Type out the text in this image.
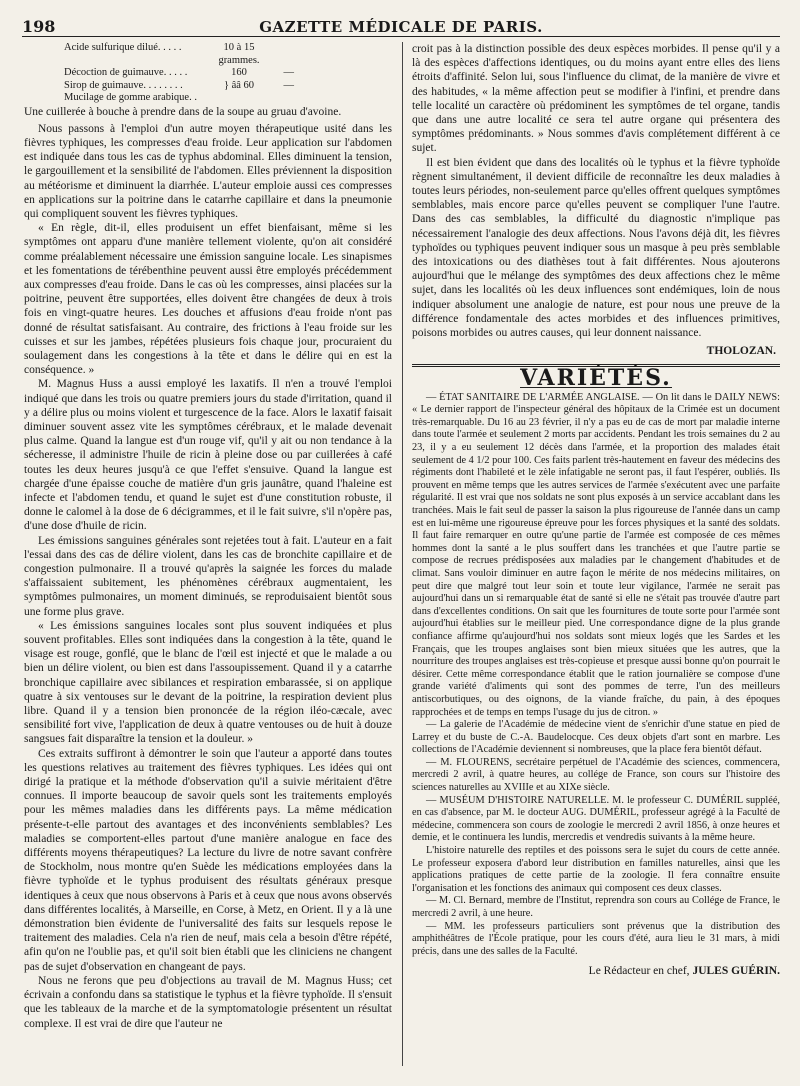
198	GAZETTE MÉDICALE DE PARIS.
Acide sulfurique dilué. . . . .	10 à 15 grammes.
Décoction de guimauve. . . . .	160	—
Sirop de guimauve. . . . . . . .	} ââ 60	—
Mucilage de gomme arabique. .

Une cuillerée à bouche à prendre dans de la soupe au gruau d'avoine.

Nous passons à l'emploi d'un autre moyen thérapeutique usité dans les fièvres typhiques, les compresses d'eau froide. Leur application sur l'abdomen est indiquée dans tous les cas de typhus abdominal. Elles diminuent la tension, le gargouillement et la sensibilité de l'abdomen. Elles préviennent la disposition au météorisme et diminuent la diarrhée. L'auteur emploie aussi ces compresses en applications sur la poitrine dans le catarrhe capillaire et dans la pneumonie qui compliquent souvent les fièvres typhiques.

« En règle, dit-il, elles produisent un effet bienfaisant, même si les symptômes ont apparu d'une manière tellement violente, qu'on ait considéré comme préalablement nécessaire une émission sanguine locale. Les sinapismes et les fomentations de térébenthine peuvent aussi être employés précédemment aux compresses d'eau froide. Dans le cas où les compresses, ainsi placées sur la poitrine, peuvent être supportées, elles doivent être changées de deux à trois fois en vingt-quatre heures. Les douches et affusions d'eau froide n'ont pas donné de résultat satisfaisant. Au contraire, des frictions à l'eau froide sur les cuisses et sur les jambes, répétées plusieurs fois chaque jour, procuraient du soulagement dans les congestions à la tête et dans le délire qui en est la conséquence. »

M. Magnus Huss a aussi employé les laxatifs. Il n'en a trouvé l'emploi indiqué que dans les trois ou quatre premiers jours du stade d'irritation, quand il y a délire plus ou moins violent et turgescence de la face. Alors le laxatif faisait diminuer souvent assez vite les symptômes cérébraux, et le malade devenait plus calme. Quand la langue est d'un rouge vif, qu'il y ait ou non tendance à la sécheresse, il administre l'huile de ricin à pleine dose ou par cuillerées à café toutes les deux heures jusqu'à ce que l'effet s'ensuive. Quand la langue est chargée d'une épaisse couche de matière d'un gris jaunâtre, quand l'haleine est infecte et l'abdomen tendu, et quand le sujet est d'une constitution robuste, il donne le calomel à la dose de 6 décigrammes, et il le fait suivre, s'il n'opère pas, d'une dose d'huile de ricin.

Les émissions sanguines générales sont rejetées tout à fait. L'auteur en a fait l'essai dans des cas de délire violent, dans les cas de bronchite capillaire et de congestion pulmonaire. Il a trouvé qu'après la saignée les forces du malade s'affaissaient subitement, les phénomènes cérébraux augmentaient, les symptômes pulmonaires, un moment diminués, se reproduisaient bientôt sous une forme plus grave.

« Les émissions sanguines locales sont plus souvent indiquées et plus souvent profitables. Elles sont indiquées dans la congestion à la tête, quand le visage est rouge, gonflé, que le blanc de l'œil est injecté et que le malade a ou bien un délire violent, ou bien est dans l'assoupissement. Quand il y a catarrhe bronchique capillaire avec sibilances et respiration embarassée, si on applique quatre à six ventouses sur le devant de la poitrine, la respiration devient plus libre. Quand il y a tension bien prononcée de la région iléo-cæcale, avec sensibilité fort vive, l'application de deux à quatre ventouses ou de huit à douze sangsues fait disparaître la tension et la douleur. »

Ces extraits suffiront à démontrer le soin que l'auteur a apporté dans toutes les questions relatives au traitement des fièvres typhiques. Les idées qui ont dirigé la pratique et la méthode d'observation qu'il a suivie méritaient d'être connues. Il importe beaucoup de savoir quels sont les traitements employés pour les mêmes maladies dans les différents pays. La même médication présente-t-elle partout des avantages et des inconvénients semblables? Les maladies se comportent-elles partout d'une manière analogue en face des différents moyens thérapeutiques? La lecture du livre de notre savant confrère de Stockholm, nous montre qu'en Suède les médications employées dans la fièvre typhoïde et le typhus produisent des résultats généraux presque identiques à ceux que nous observons à Paris et à ceux que nous avons observés dans différentes localités, à Marseille, en Corse, à Metz, en Orient. Il y a là une démonstration bien évidente de l'universalité des faits sur lesquels repose le traitement des maladies. Cela n'a rien de neuf, mais cela a besoin d'être répété, afin qu'on ne l'oublie pas, et qu'il soit bien établi que les cliniciens ne changent pas de sujet d'observation en changeant de pays.

Nous ne ferons que peu d'objections au travail de M. Magnus Huss; cet écrivain a confondu dans sa statistique le typhus et la fièvre typhoïde. Il s'ensuit que les tableaux de la marche et de la symptomatologie présentent un résultat complexe. Il est vrai de dire que l'auteur ne

croit pas à la distinction possible des deux espèces morbides. Il pense qu'il y a là des espèces d'affections identiques, ou du moins ayant entre elles des liens étroits d'affinité. Selon lui, sous l'influence du climat, de la manière de vivre et des habitudes, « la même affection peut se modifier à l'infini, et prendre dans telle localité un caractère où prédominent les symptômes de tel organe, tandis que dans une autre localité ce sera tel autre organe qui présentera des symptômes prédominants. » Nous sommes d'avis complétement différent à ce sujet.

Il est bien évident que dans des localités où le typhus et la fièvre typhoïde règnent simultanément, il devient difficile de reconnaître les deux maladies à toutes leurs périodes, non-seulement parce qu'elles offrent quelques symptômes semblables, mais encore parce qu'elles peuvent se compliquer l'une l'autre. Dans des cas semblables, la difficulté du diagnostic n'implique pas nécessairement l'analogie des deux affections. Nous l'avons déjà dit, les fièvres typhoïdes ou typhiques peuvent indiquer sous un masque à peu près semblable des intoxications ou des diathèses tout à fait différentes. Nous ajouterons aujourd'hui que le mélange des symptômes des deux affections chez le même sujet, dans les localités où les deux influences sont endémiques, loin de nous indiquer absolument une analogie de nature, est pour nous une preuve de la différence fondamentale des actes morbides et des influences primitives, poisons morbides ou autres causes, qui leur donnent naissance.

THOLOZAN.

VARIÉTÉS.

— ÉTAT SANITAIRE DE L'ARMÉE ANGLAISE. — On lit dans le DAILY NEWS: « Le dernier rapport de l'inspecteur général des hôpitaux de la Crimée est un document très-remarquable. Du 16 au 23 février, il n'y a pas eu de cas de mort par maladie interne dans toute l'armée et seulement 2 morts par accidents. Pendant les trois semaines du 2 au 23, il y a eu seulement 12 décès dans l'armée, et la proportion des malades était seulement de 4 1/2 pour 100. Ces faits parlent très-hautement en faveur des médecins des régiments dont l'habileté et le zèle infatigable ne seront pas, il faut l'espérer, oubliés. Ils prouvent en même temps que les autres services de l'armée s'exécutent avec une parfaite régularité. Il est vrai que nos soldats ne sont plus exposés à un service accablant dans les tranchées. Mais le fait seul de passer la saison la plus rigoureuse de l'année dans un camp est en lui-même une rigoureuse épreuve pour les forces physiques et la santé des soldats. Il faut faire remarquer en outre qu'une partie de l'armée est composée de ces mêmes hommes dont la santé a le plus souffert dans les tranchées et que l'autre partie se compose de recrues prédisposées aux maladies par le changement d'habitudes et de climat. Sans vouloir diminuer en autre façon le mérite de nos médecins militaires, on peut dire que malgré tout leur soin et toute leur vigilance, l'armée ne serait pas aujourd'hui dans un si remarquable état de santé si elle ne s'était pas trouvée d'autre part dans d'excellentes conditions. On sait que les fournitures de toute sorte pour l'armée sont aujourd'hui établies sur le meilleur pied. Une correspondance digne de la plus grande confiance affirme qu'aujourd'hui nos soldats sont mieux logés que les Sardes et les Français, que les troupes anglaises sont bien mieux situées que les autres, que la nourriture des troupes anglaises est très-copieuse et presque aussi bonne qu'on pourrait le désirer. Cette même correspondance établit que le ration journalière se compose d'une grande variété d'aliments qui sont des pommes de terre, l'un des meilleurs antiscorbutiques, ou des oignons, de la viande fraîche, du pain, à des époques rapprochées et de temps en temps l'usage du jus de citron. »

— La galerie de l'Académie de médecine vient de s'enrichir d'une statue en pied de Larrey et du buste de C.-A. Baudelocque. Ces deux objets d'art sont en marbre. Les collections de l'Académie deviennent si nombreuses, que la place fera bientôt défaut.

— M. FLOURENS, secrétaire perpétuel de l'Académie des sciences, commencera, mercredi 2 avril, à quatre heures, au collége de France, son cours sur l'histoire des sciences naturelles au XVIIIe et au XIXe siècle.

— MUSÉUM D'HISTOIRE NATURELLE. M. le professeur C. DUMÉRIL suppléé, en cas d'absence, par M. le docteur AUG. DUMÉRIL, professeur agrégé à la Faculté de médecine, commencera son cours de zoologie le mercredi 2 avril 1856, à onze heures et demie, et le continuera les lundis, mercredis et vendredis suivants à la même heure.

L'histoire naturelle des reptiles et des poissons sera le sujet du cours de cette année. Le professeur exposera d'abord leur distribution en familles naturelles, ainsi que les applications pratiques de cette partie de la zoologie. Il fera connaître ensuite l'organisation et les fonctions des animaux qui composent ces deux classes.

— M. Cl. Bernard, membre de l'Institut, reprendra son cours au Collége de France, le mercredi 2 avril, à une heure.

— MM. les professeurs particuliers sont prévenus que la distribution des amphithéâtres de l'École pratique, pour les cours d'été, aura lieu le 31 mars, à midi précis, dans une des salles de la Faculté.

Le Rédacteur en chef, JULES GUÉRIN.
